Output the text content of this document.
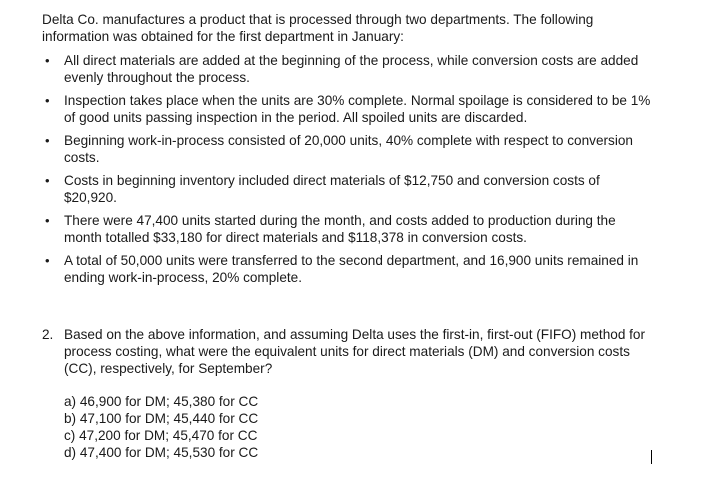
Delta Co. manufactures a product that is processed through two departments. The following information was obtained for the first department in January:

• All direct materials are added at the beginning of the process, while conversion costs are added evenly throughout the process.
• Inspection takes place when the units are 30% complete. Normal spoilage is considered to be 1% of good units passing inspection in the period. All spoiled units are discarded.
• Beginning work-in-process consisted of 20,000 units, 40% complete with respect to conversion costs.
• Costs in beginning inventory included direct materials of $12,750 and conversion costs of $20,920.
• There were 47,400 units started during the month, and costs added to production during the month totalled $33,180 for direct materials and $118,378 in conversion costs.
• A total of 50,000 units were transferred to the second department, and 16,900 units remained in ending work-in-process, 20% complete.
2. Based on the above information, and assuming Delta uses the first-in, first-out (FIFO) method for process costing, what were the equivalent units for direct materials (DM) and conversion costs (CC), respectively, for September?

a) 46,900 for DM; 45,380 for CC
b) 47,100 for DM; 45,440 for CC
c) 47,200 for DM; 45,470 for CC
d) 47,400 for DM; 45,530 for CC
